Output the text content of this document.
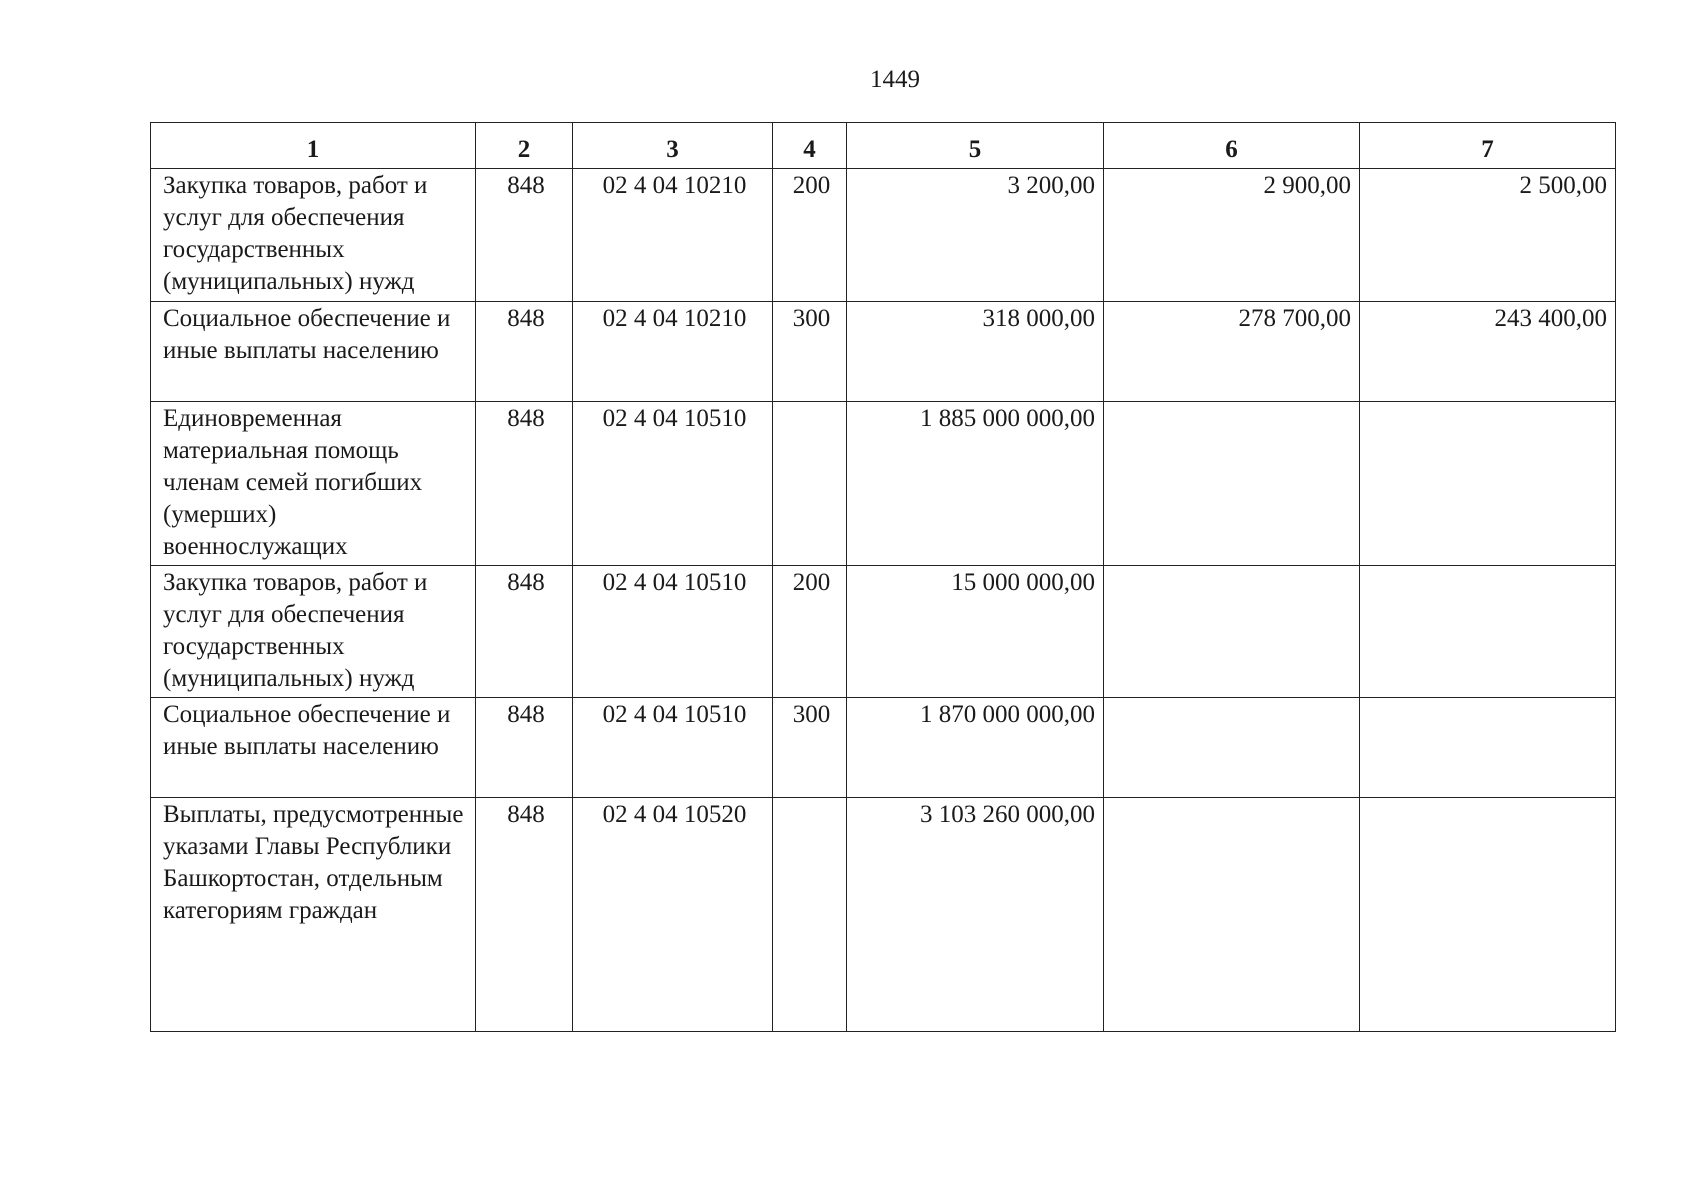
1449
1	2	3	4	5	6	7
Закупка товаров, работ и услуг для обеспечения государственных (муниципальных) нужд	848	02 4 04 10210	200	3 200,00	2 900,00	2 500,00
Социальное обеспечение и иные выплаты населению	848	02 4 04 10210	300	318 000,00	278 700,00	243 400,00
Единовременная материальная помощь членам семей погибших (умерших) военнослужащих	848	02 4 04 10510		1 885 000 000,00		
Закупка товаров, работ и услуг для обеспечения государственных (муниципальных) нужд	848	02 4 04 10510	200	15 000 000,00		
Социальное обеспечение и иные выплаты населению	848	02 4 04 10510	300	1 870 000 000,00		
Выплаты, предусмотренные указами Главы Республики Башкортостан, отдельным категориям граждан	848	02 4 04 10520		3 103 260 000,00		
